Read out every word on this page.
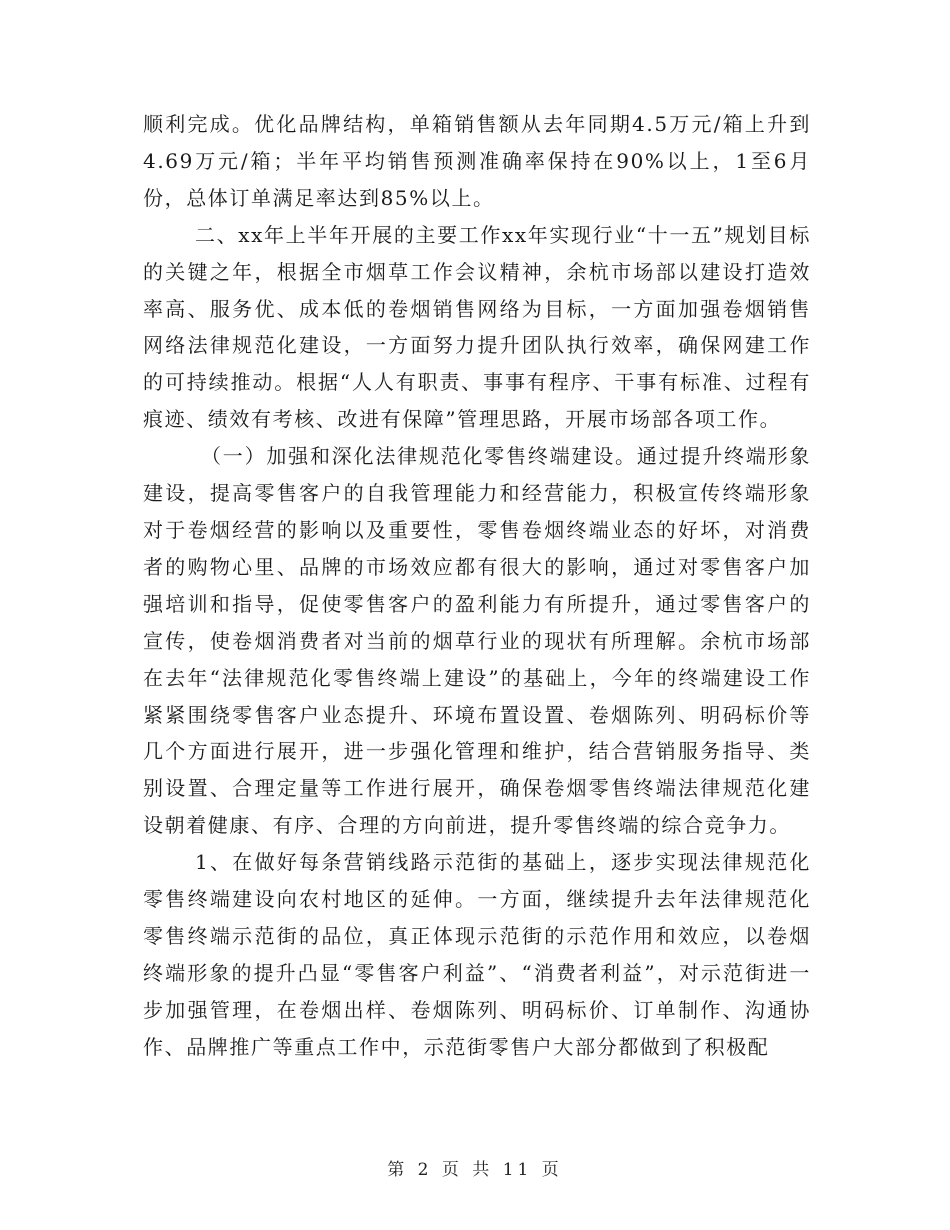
顺利完成。优化品牌结构，单箱销售额从去年同期4.5万元/箱上升到4.69万元/箱；半年平均销售预测准确率保持在90%以上，1至6月份，总体订单满足率达到85%以上。

二、xx年上半年开展的主要工作xx年实现行业“十一五”规划目标的关键之年，根据全市烟草工作会议精神，余杭市场部以建设打造效率高、服务优、成本低的卷烟销售网络为目标，一方面加强卷烟销售网络法律规范化建设，一方面努力提升团队执行效率，确保网建工作的可持续推动。根据“人人有职责、事事有程序、干事有标准、过程有痕迹、绩效有考核、改进有保障”管理思路，开展市场部各项工作。

（一）加强和深化法律规范化零售终端建设。通过提升终端形象建设，提高零售客户的自我管理能力和经营能力，积极宣传终端形象对于卷烟经营的影响以及重要性，零售卷烟终端业态的好坏，对消费者的购物心里、品牌的市场效应都有很大的影响，通过对零售客户加强培训和指导，促使零售客户的盈利能力有所提升，通过零售客户的宣传，使卷烟消费者对当前的烟草行业的现状有所理解。余杭市场部在去年“法律规范化零售终端上建设”的基础上，今年的终端建设工作紧紧围绕零售客户业态提升、环境布置设置、卷烟陈列、明码标价等几个方面进行展开，进一步强化管理和维护，结合营销服务指导、类别设置、合理定量等工作进行展开，确保卷烟零售终端法律规范化建设朝着健康、有序、合理的方向前进，提升零售终端的综合竞争力。

1、在做好每条营销线路示范街的基础上，逐步实现法律规范化零售终端建设向农村地区的延伸。一方面，继续提升去年法律规范化零售终端示范街的品位，真正体现示范街的示范作用和效应，以卷烟终端形象的提升凸显“零售客户利益”、“消费者利益”，对示范街进一步加强管理，在卷烟出样、卷烟陈列、明码标价、订单制作、沟通协作、品牌推广等重点工作中，示范街零售户大部分都做到了积极配

第 2 页 共 11 页
